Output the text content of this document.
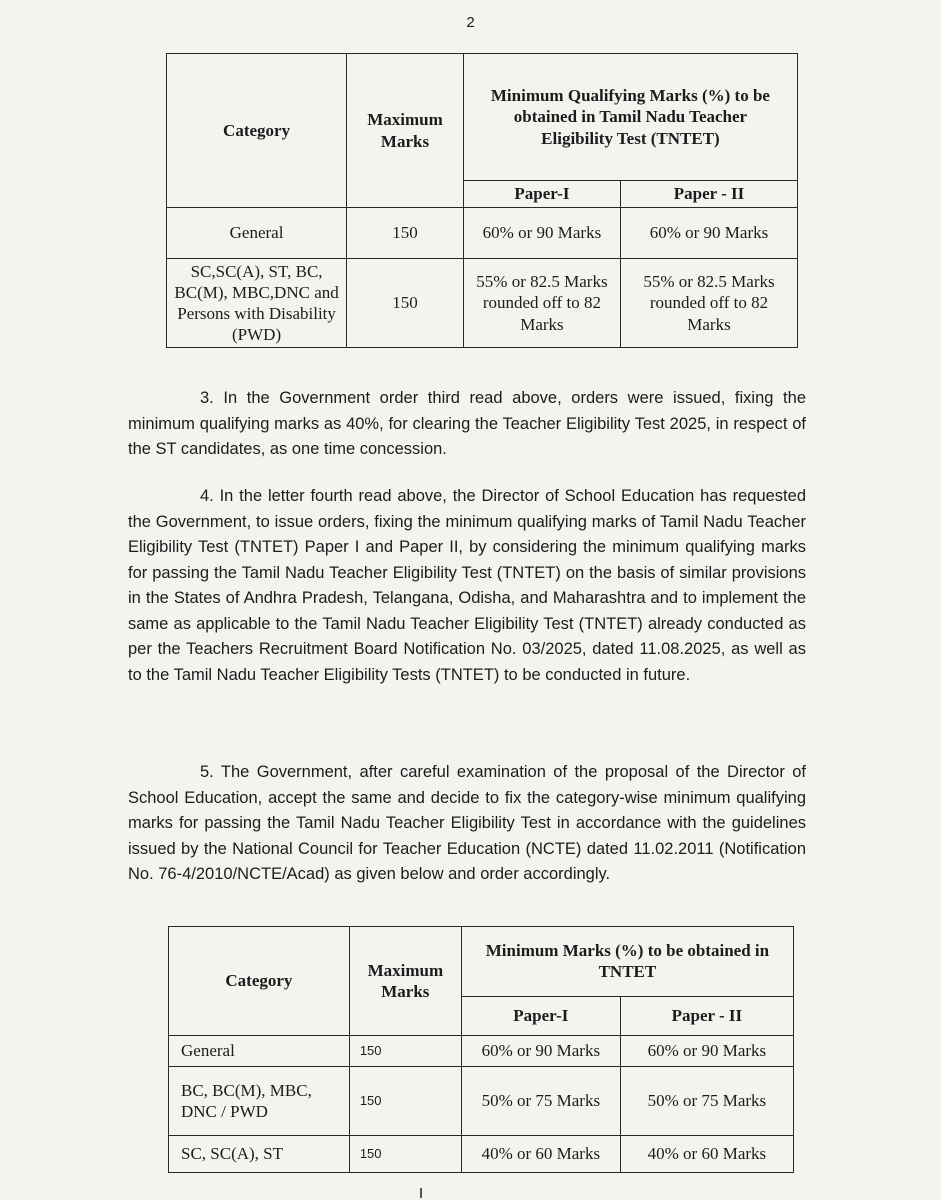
2
Category	Maximum Marks	Minimum Qualifying Marks (%) to be obtained in Tamil Nadu Teacher Eligibility Test (TNTET)	
		Paper-I	Paper - II
General	150	60% or 90 Marks	60% or 90 Marks
SC,SC(A), ST, BC, BC(M), MBC,DNC and Persons with Disability (PWD)	150	55% or 82.5 Marks rounded off to 82 Marks	55% or 82.5 Marks rounded off to 82 Marks

3. In the Government order third read above, orders were issued, fixing the minimum qualifying marks as 40%, for clearing the Teacher Eligibility Test 2025, in respect of the ST candidates, as one time concession.

4. In the letter fourth read above, the Director of School Education has requested the Government, to issue orders, fixing the minimum qualifying marks of Tamil Nadu Teacher Eligibility Test (TNTET) Paper I and Paper II, by considering the minimum qualifying marks for passing the Tamil Nadu Teacher Eligibility Test (TNTET) on the basis of similar provisions in the States of Andhra Pradesh, Telangana, Odisha, and Maharashtra and to implement the same as applicable to the Tamil Nadu Teacher Eligibility Test (TNTET) already conducted as per the Teachers Recruitment Board Notification No. 03/2025, dated 11.08.2025, as well as to the Tamil Nadu Teacher Eligibility Tests (TNTET) to be conducted in future.

5. The Government, after careful examination of the proposal of the Director of School Education, accept the same and decide to fix the category-wise minimum qualifying marks for passing the Tamil Nadu Teacher Eligibility Test in accordance with the guidelines issued by the National Council for Teacher Education (NCTE) dated 11.02.2011 (Notification No. 76-4/2010/NCTE/Acad) as given below and order accordingly.

Category	Maximum Marks	Minimum Marks (%) to be obtained in TNTET	
		Paper-I	Paper - II
General	150	60% or 90 Marks	60% or 90 Marks
BC, BC(M), MBC, DNC / PWD	150	50% or 75 Marks	50% or 75 Marks
SC, SC(A), ST	150	40% or 60 Marks	40% or 60 Marks
